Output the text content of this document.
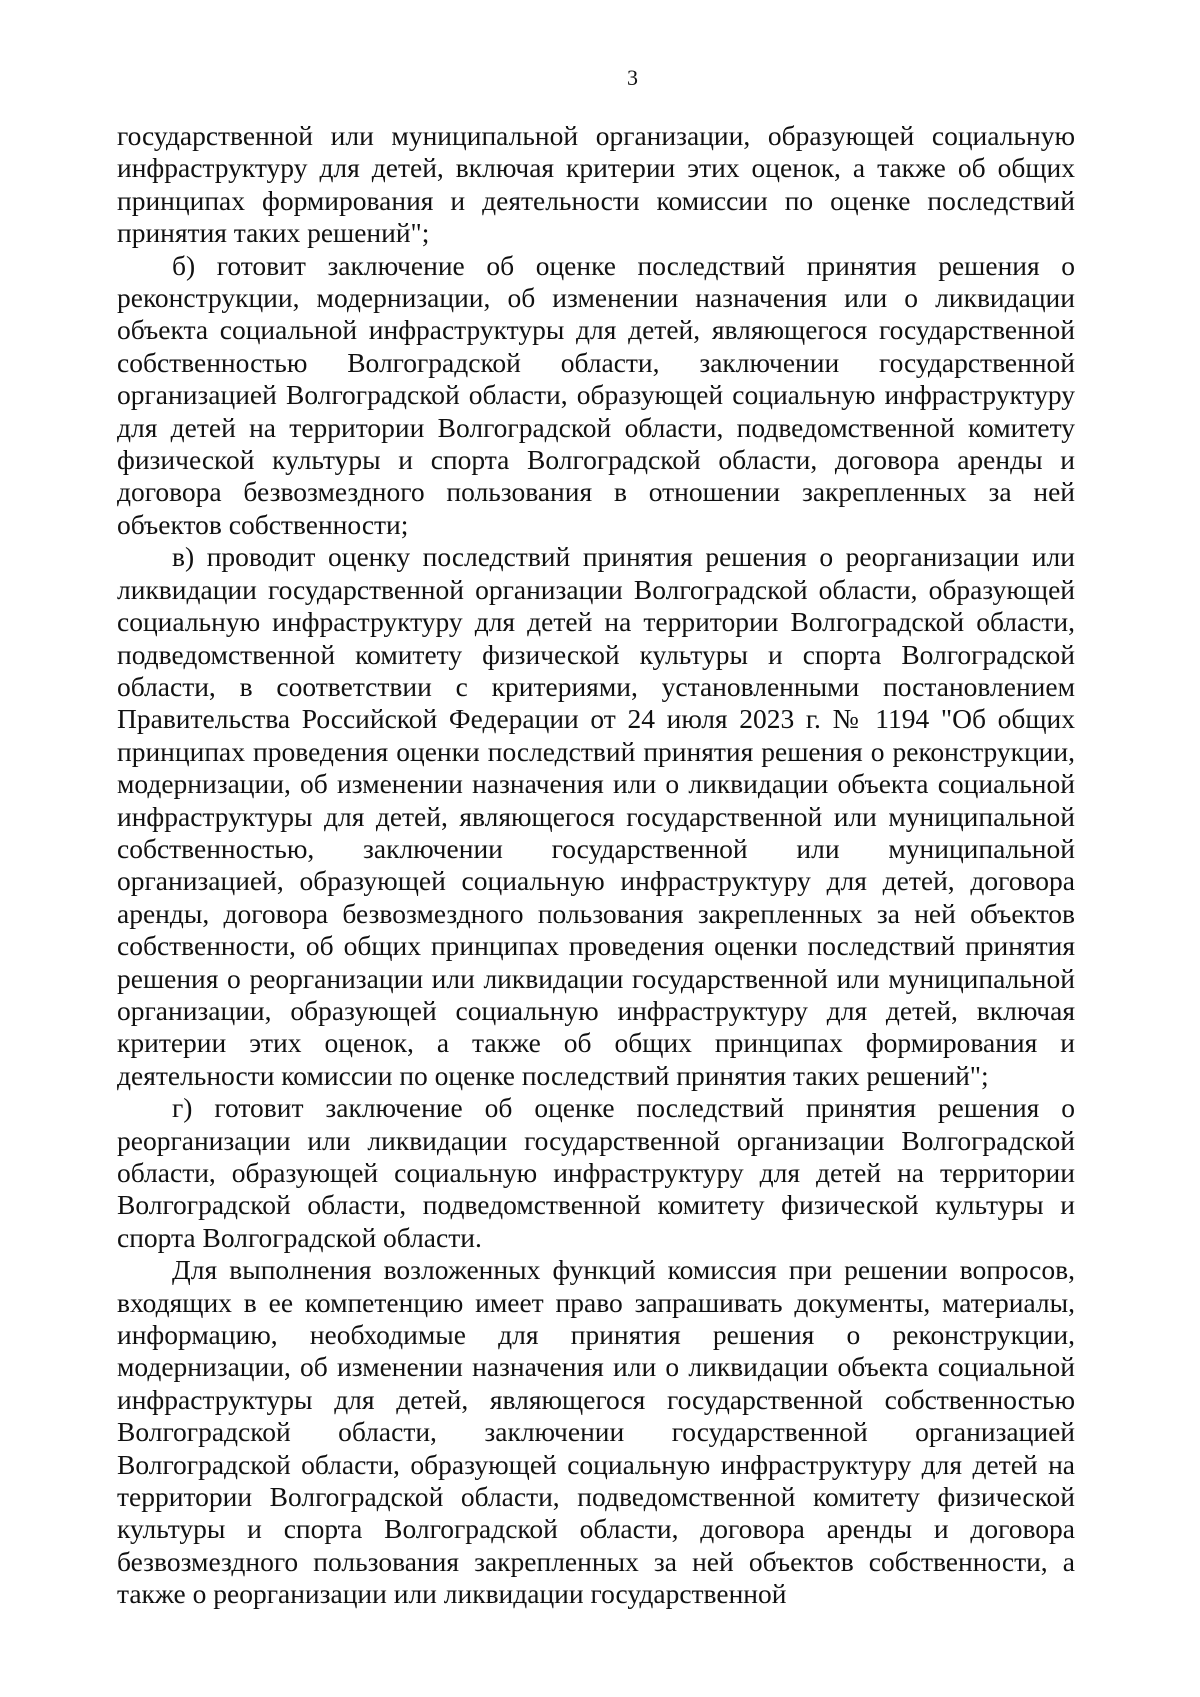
3

государственной или муниципальной организации, образующей социальную инфраструктуру для детей, включая критерии этих оценок, а также об общих принципах формирования и деятельности комиссии по оценке последствий принятия таких решений";

б) готовит заключение об оценке последствий принятия решения о реконструкции, модернизации, об изменении назначения или о ликвидации объекта социальной инфраструктуры для детей, являющегося государственной собственностью Волгоградской области, заключении государственной организацией Волгоградской области, образующей социальную инфраструктуру для детей на территории Волгоградской области, подведомственной комитету физической культуры и спорта Волгоградской области, договора аренды и договора безвозмездного пользования в отношении закрепленных за ней объектов собственности;

в) проводит оценку последствий принятия решения о реорганизации или ликвидации государственной организации Волгоградской области, образующей социальную инфраструктуру для детей на территории Волгоградской области, подведомственной комитету физической культуры и спорта Волгоградской области, в соответствии с критериями, установленными постановлением Правительства Российской Федерации от 24 июля 2023 г. № 1194 "Об общих принципах проведения оценки последствий принятия решения о реконструкции, модернизации, об изменении назначения или о ликвидации объекта социальной инфраструктуры для детей, являющегося государственной или муниципальной собственностью, заключении государственной или муниципальной организацией, образующей социальную инфраструктуру для детей, договора аренды, договора безвозмездного пользования закрепленных за ней объектов собственности, об общих принципах проведения оценки последствий принятия решения о реорганизации или ликвидации государственной или муниципальной организации, образующей социальную инфраструктуру для детей, включая критерии этих оценок, а также об общих принципах формирования и деятельности комиссии по оценке последствий принятия таких решений";

г) готовит заключение об оценке последствий принятия решения о реорганизации или ликвидации государственной организации Волгоградской области, образующей социальную инфраструктуру для детей на территории Волгоградской области, подведомственной комитету физической культуры и спорта Волгоградской области.

Для выполнения возложенных функций комиссия при решении вопросов, входящих в ее компетенцию имеет право запрашивать документы, материалы, информацию, необходимые для принятия решения о реконструкции, модернизации, об изменении назначения или о ликвидации объекта социальной инфраструктуры для детей, являющегося государственной собственностью Волгоградской области, заключении государственной организацией Волгоградской области, образующей социальную инфраструктуру для детей на территории Волгоградской области, подведомственной комитету физической культуры и спорта Волгоградской области, договора аренды и договора безвозмездного пользования закрепленных за ней объектов собственности, а также о реорганизации или ликвидации государственной
